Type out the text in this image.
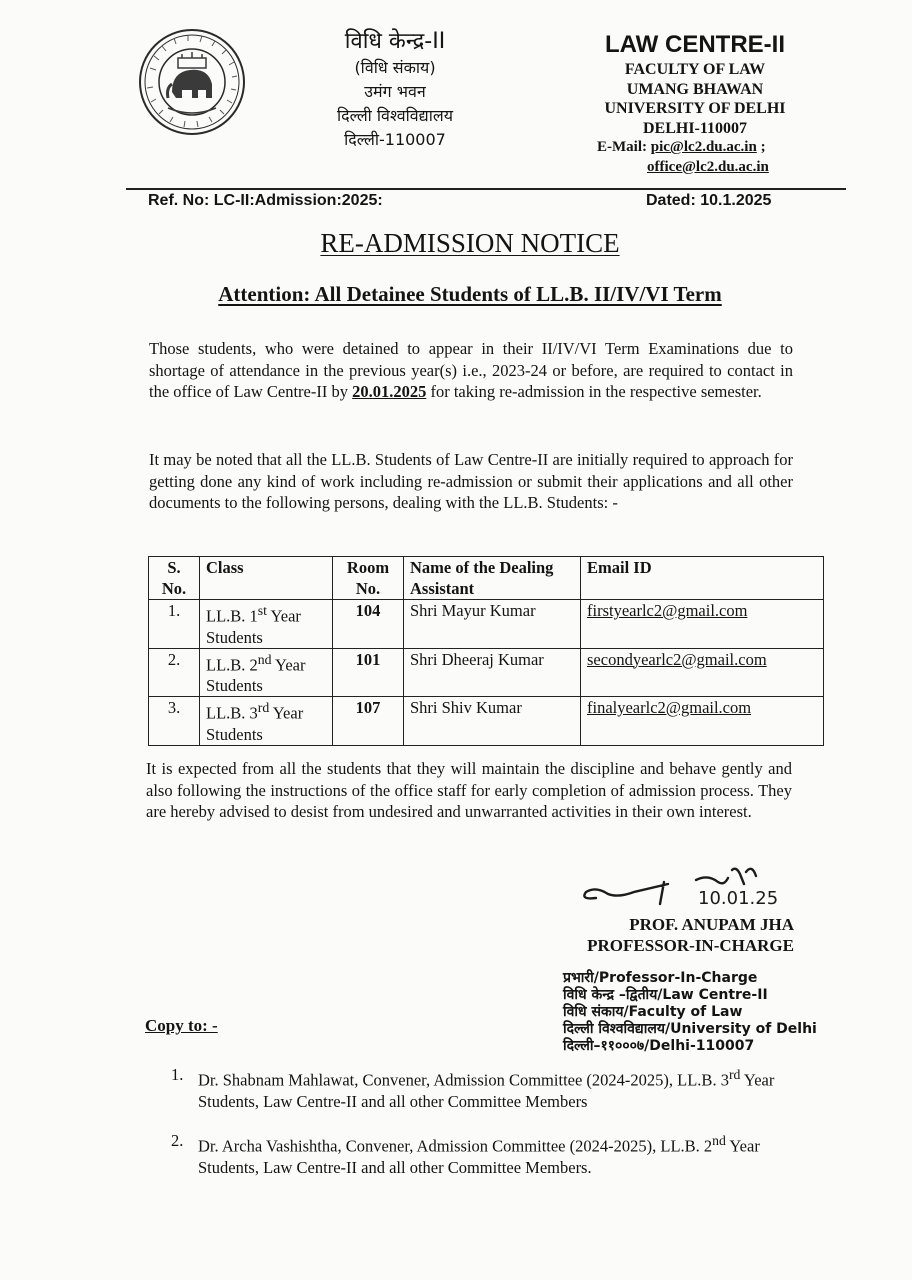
विधि केन्द्र-II
(विधि संकाय)
उमंग भवन
दिल्ली विश्वविद्यालय
दिल्ली-110007
LAW CENTRE-II
FACULTY OF LAW
UMANG BHAWAN
UNIVERSITY OF DELHI
DELHI-110007
E-Mail: pic@lc2.du.ac.in ;
office@lc2.du.ac.in
Ref. No: LC-II:Admission:2025:	Dated: 10.1.2025
RE-ADMISSION NOTICE
Attention: All Detainee Students of LL.B. II/IV/VI Term
Those students, who were detained to appear in their II/IV/VI Term Examinations due to shortage of attendance in the previous year(s) i.e., 2023-24 or before, are required to contact in the office of Law Centre-II by 20.01.2025 for taking re-admission in the respective semester.
It may be noted that all the LL.B. Students of Law Centre-II are initially required to approach for getting done any kind of work including re-admission or submit their applications and all other documents to the following persons, dealing with the LL.B. Students: -
S. No.	Class	Room No.	Name of the Dealing Assistant	Email ID
1.	LL.B. 1st Year Students	104	Shri Mayur Kumar	firstyearlc2@gmail.com
2.	LL.B. 2nd Year Students	101	Shri Dheeraj Kumar	secondyearlc2@gmail.com
3.	LL.B. 3rd Year Students	107	Shri Shiv Kumar	finalyearlc2@gmail.com
It is expected from all the students that they will maintain the discipline and behave gently and also following the instructions of the office staff for early completion of admission process. They are hereby advised to desist from undesired and unwarranted activities in their own interest.
10.01.25
PROF. ANUPAM JHA
PROFESSOR-IN-CHARGE
प्रभारी/Professor-In-Charge
विधि केन्द्र –द्वितीय/Law Centre-II
विधि संकाय/Faculty of Law
दिल्ली विश्वविद्यालय/University of Delhi
दिल्ली–११०००७/Delhi-110007
Copy to: -
1. Dr. Shabnam Mahlawat, Convener, Admission Committee (2024-2025), LL.B. 3rd Year Students, Law Centre-II and all other Committee Members
2. Dr. Archa Vashishtha, Convener, Admission Committee (2024-2025), LL.B. 2nd Year Students, Law Centre-II and all other Committee Members.
